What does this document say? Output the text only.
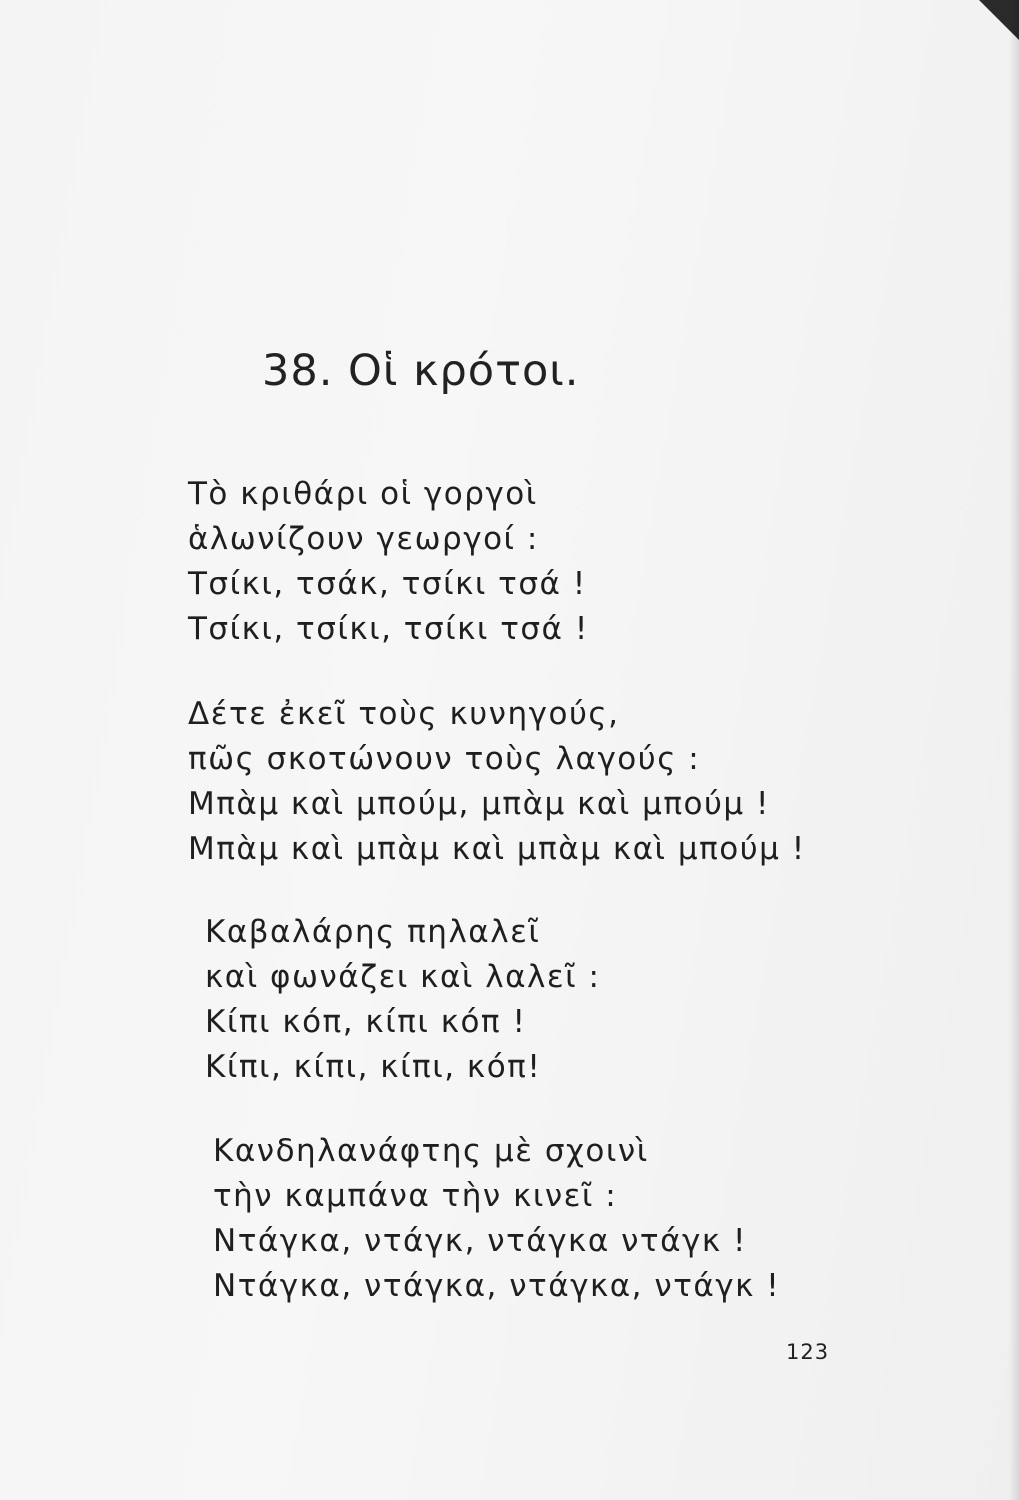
38. Οἱ κρότοι.
Τὸ κριθάρι οἱ γοργοὶ
ἁλωνίζουν γεωργοί :
Τσίκι, τσάκ, τσίκι τσά !
Τσίκι, τσίκι, τσίκι τσά !
Δέτε ἐκεῖ τοὺς κυνηγούς,
πῶς σκοτώνουν τοὺς λαγούς :
Μπὰμ καὶ μπούμ, μπὰμ καὶ μπούμ !
Μπὰμ καὶ μπὰμ καὶ μπὰμ καὶ μπούμ !
Καβαλάρης πηλαλεῖ
καὶ φωνάζει καὶ λαλεῖ :
Κίπι κόπ, κίπι κόπ !
Κίπι, κίπι, κίπι, κόπ!
Κανδηλανάφτης μὲ σχοινὶ
τὴν καμπάνα τὴν κινεῖ :
Ντάγκα, ντάγκ, ντάγκα ντάγκ !
Ντάγκα, ντάγκα, ντάγκα, ντάγκ !
123
